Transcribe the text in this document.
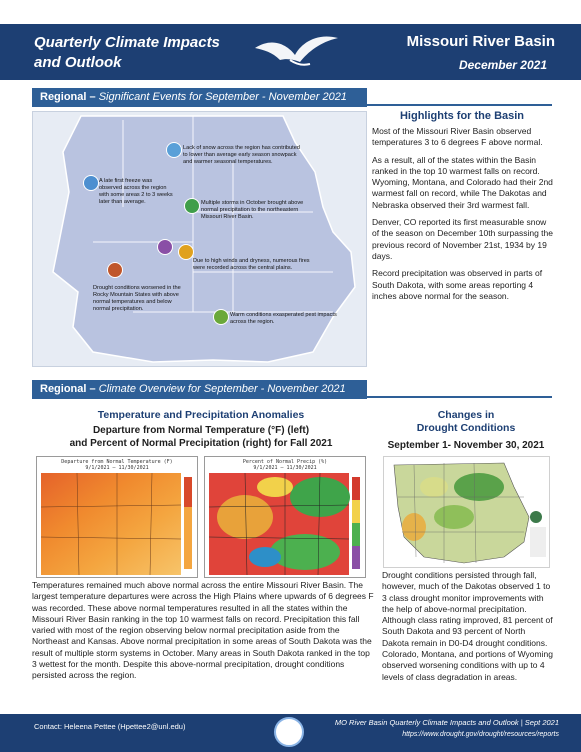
Quarterly Climate Impacts
and Outlook
Missouri River Basin
December 2021
Regional – Significant Events for September - November 2021
Lack of snow across the region has contributed to lower than average early season snowpack and warmer seasonal temperatures.
A late first freeze was observed across the region with some areas 2 to 3 weeks later than average.	Multiple storms in October brought above normal precipitation to the northeastern Missouri River Basin.
Due to high winds and dryness, numerous fires were recorded across the central plains.
Drought conditions worsened in the Rocky Mountain States with above normal temperatures and below normal precipitation.
Warm conditions exasperated pest impacts across the region.
Highlights for the Basin

Most of the Missouri River Basin observed temperatures 3 to 6 degrees F above normal.

As a result, all of the states within the Basin ranked in the top 10 warmest falls on record. Wyoming, Montana, and Colorado had their 2nd warmest fall on record, while The Dakotas and Nebraska observed their 3rd warmest fall.

Denver, CO reported its first measurable snow of the season on December 10th surpassing the previous record of November 21st, 1934 by 19 days.

Record precipitation was observed in parts of South Dakota, with some areas reporting 4 inches above normal for the season.

Regional – Climate Overview for September - November 2021
Temperature and Precipitation Anomalies
Departure from Normal Temperature (°F) (left)
and Percent of Normal Precipitation (right) for Fall 2021
Departure from Normal Temperature (F)
9/1/2021 – 11/30/2021
Percent of Normal Precip (%)
9/1/2021 – 11/30/2021
Changes in
Drought Conditions
September 1- November 30, 2021
Temperatures remained much above normal across the entire Missouri River Basin. The largest temperature departures were across the High Plains where upwards of 6 degrees F was recorded. These above normal temperatures resulted in all the states within the Missouri River Basin ranking in the top 10 warmest falls on record. Precipitation this fall varied with most of the region observing below normal precipitation aside from the Northeast and Kansas. Above normal precipitation in some areas of South Dakota was the result of multiple storm systems in October. Many areas in South Dakota ranked in the top 3 wettest for the month. Despite this above-normal precipitation, drought conditions persisted across the region.
Drought conditions persisted through fall, however, much of the Dakotas observed 1 to 3 class drought monitor improvements with the help of above-normal precipitation. Although class rating improved, 81 percent of South Dakota and 93 percent of North Dakota remain in D0-D4 drought conditions. Colorado, Montana, and portions of Wyoming observed worsening conditions with up to 4 levels of class degradation in areas.
Contact: Heleena Pettee (Hpettee2@unl.edu)	MO River Basin Quarterly Climate Impacts and Outlook | Sept 2021
https://www.drought.gov/drought/resources/reports
